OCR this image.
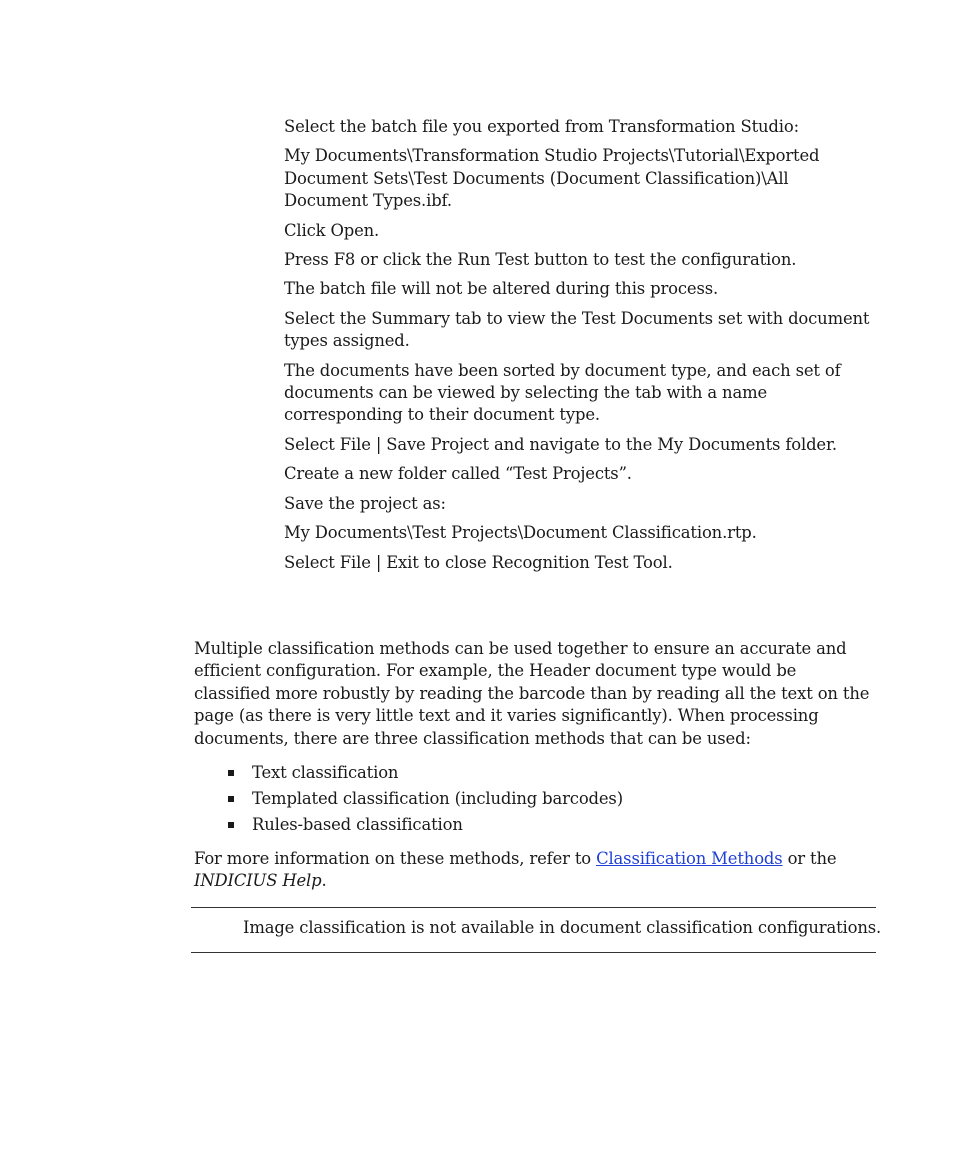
Select the batch file you exported from Transformation Studio:

My Documents\Transformation Studio Projects\Tutorial\Exported Document Sets\Test Documents (Document Classification)\All Document Types.ibf.

Click Open.

Press F8 or click the Run Test button to test the configuration.

The batch file will not be altered during this process.

Select the Summary tab to view the Test Documents set with document types assigned.

The documents have been sorted by document type, and each set of documents can be viewed by selecting the tab with a name corresponding to their document type.

Select File | Save Project and navigate to the My Documents folder.

Create a new folder called “Test Projects”.

Save the project as:

My Documents\Test Projects\Document Classification.rtp.

Select File | Exit to close Recognition Test Tool.

Multiple classification methods can be used together to ensure an accurate and efficient configuration. For example, the Header document type would be classified more robustly by reading the barcode than by reading all the text on the page (as there is very little text and it varies significantly). When processing documents, there are three classification methods that can be used:

Text classification
Templated classification (including barcodes)
Rules-based classification

For more information on these methods, refer to Classification Methods or the INDICIUS Help.

Image classification is not available in document classification configurations.
